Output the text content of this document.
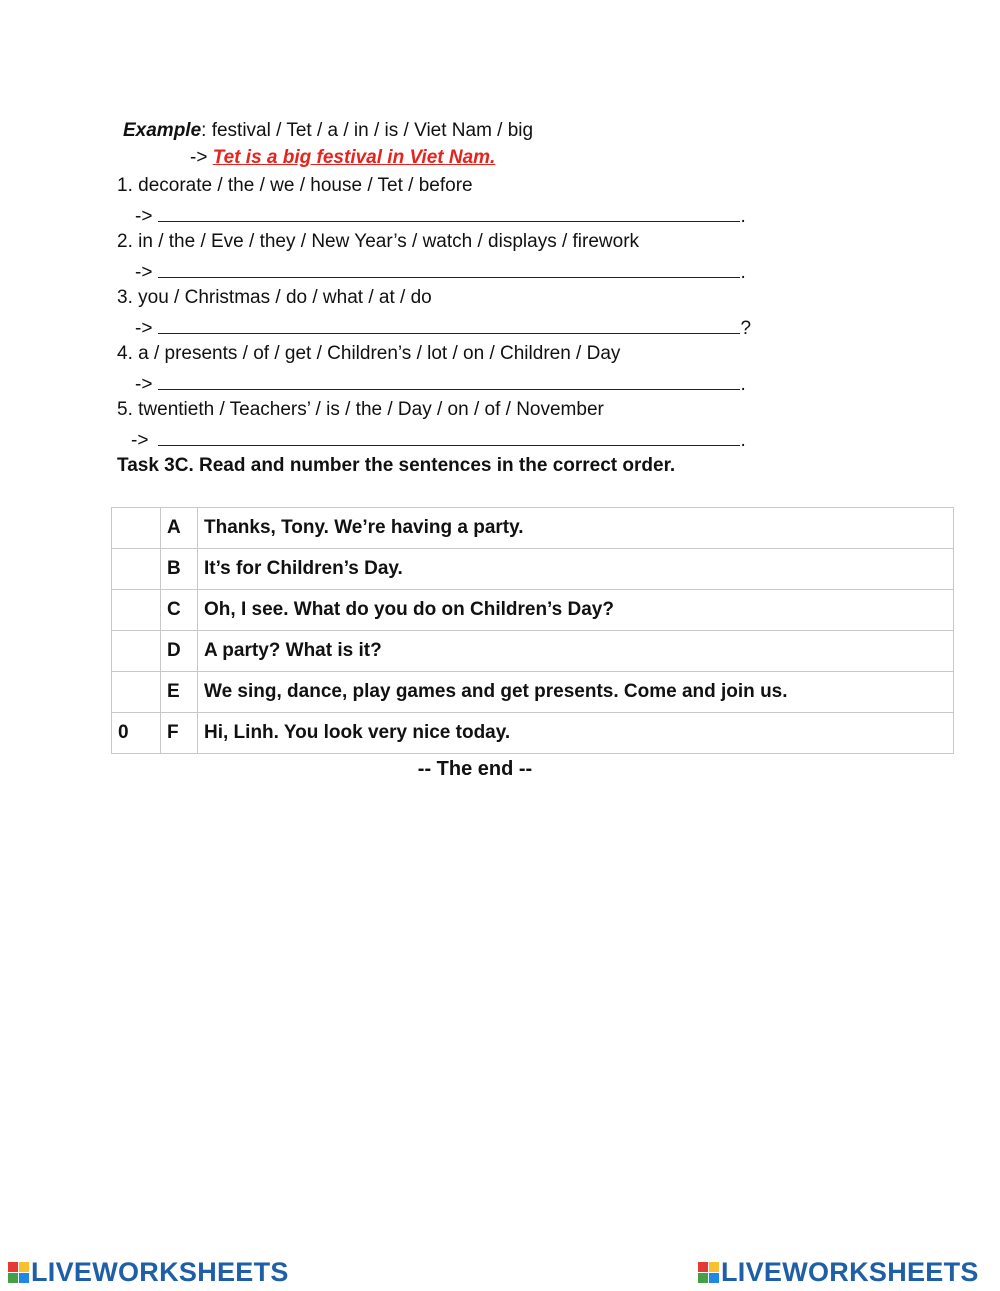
Example: festival / Tet / a / in / is / Viet Nam / big
-> Tet is a big festival in Viet Nam.
1. decorate / the / we / house / Tet / before
->	.
2. in / the / Eve / they / New Year’s / watch / displays / firework
->	.
3. you / Christmas / do / what / at / do
->	?
4. a / presents / of / get / Children’s / lot / on / Children / Day
->	.
5. twentieth / Teachers’ / is / the / Day / on / of / November
->	.
Task 3C. Read and number the sentences in the correct order.
	A	Thanks, Tony. We’re having a party.
	B	It’s for Children’s Day.
	C	Oh, I see. What do you do on Children’s Day?
	D	A party? What is it?
	E	We sing, dance, play games and get presents. Come and join us.
0	F	Hi, Linh. You look very nice today.
-- The end --
LIVEWORKSHEETS	LIVEWORKSHEETS
